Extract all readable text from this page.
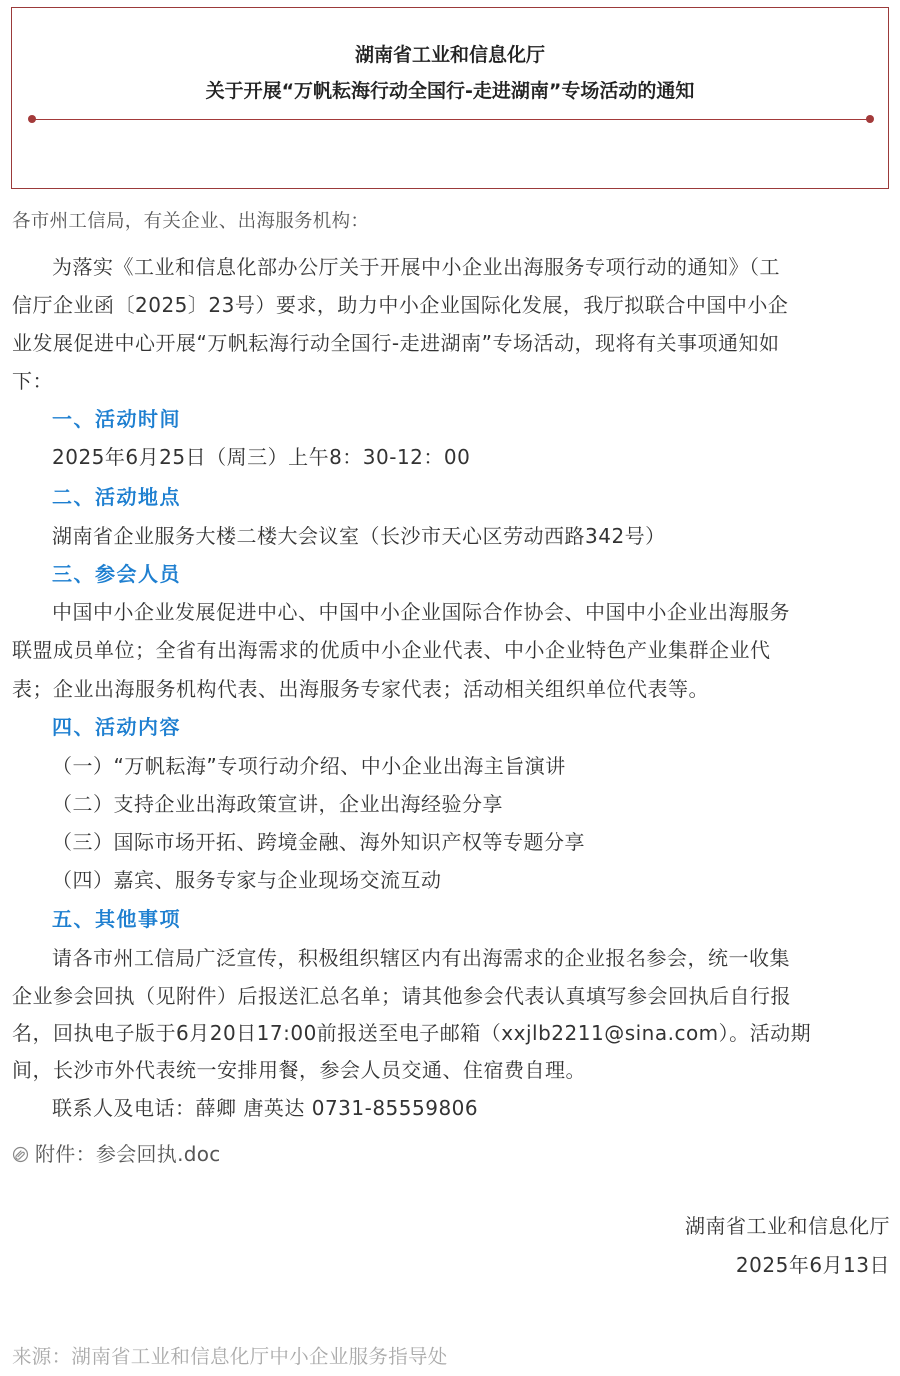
湖南省工业和信息化厅
关于开展“万帆耘海行动全国行-走进湖南”专场活动的通知
各市州工信局，有关企业、出海服务机构：
为落实《工业和信息化部办公厅关于开展中小企业出海服务专项行动的通知》（工
信厅企业函〔2025〕23号）要求，助力中小企业国际化发展，我厅拟联合中国中小企
业发展促进中心开展“万帆耘海行动全国行-走进湖南”专场活动，现将有关事项通知如
下：
一、活动时间
2025年6月25日（周三）上午8：30-12：00
二、活动地点
湖南省企业服务大楼二楼大会议室（长沙市天心区劳动西路342号）
三、参会人员
中国中小企业发展促进中心、中国中小企业国际合作协会、中国中小企业出海服务
联盟成员单位；全省有出海需求的优质中小企业代表、中小企业特色产业集群企业代
表；企业出海服务机构代表、出海服务专家代表；活动相关组织单位代表等。
四、活动内容
（一）“万帆耘海”专项行动介绍、中小企业出海主旨演讲
（二）支持企业出海政策宣讲，企业出海经验分享
（三）国际市场开拓、跨境金融、海外知识产权等专题分享
（四）嘉宾、服务专家与企业现场交流互动
五、其他事项
请各市州工信局广泛宣传，积极组织辖区内有出海需求的企业报名参会，统一收集
企业参会回执（见附件）后报送汇总名单；请其他参会代表认真填写参会回执后自行报
名，回执电子版于6月20日17:00前报送至电子邮箱（xxjlb2211@sina.com）。活动期
间，长沙市外代表统一安排用餐，参会人员交通、住宿费自理。
联系人及电话：薛卿 唐英达 0731-85559806
附件：参会回执.doc
湖南省工业和信息化厅
2025年6月13日
来源：湖南省工业和信息化厅中小企业服务指导处
